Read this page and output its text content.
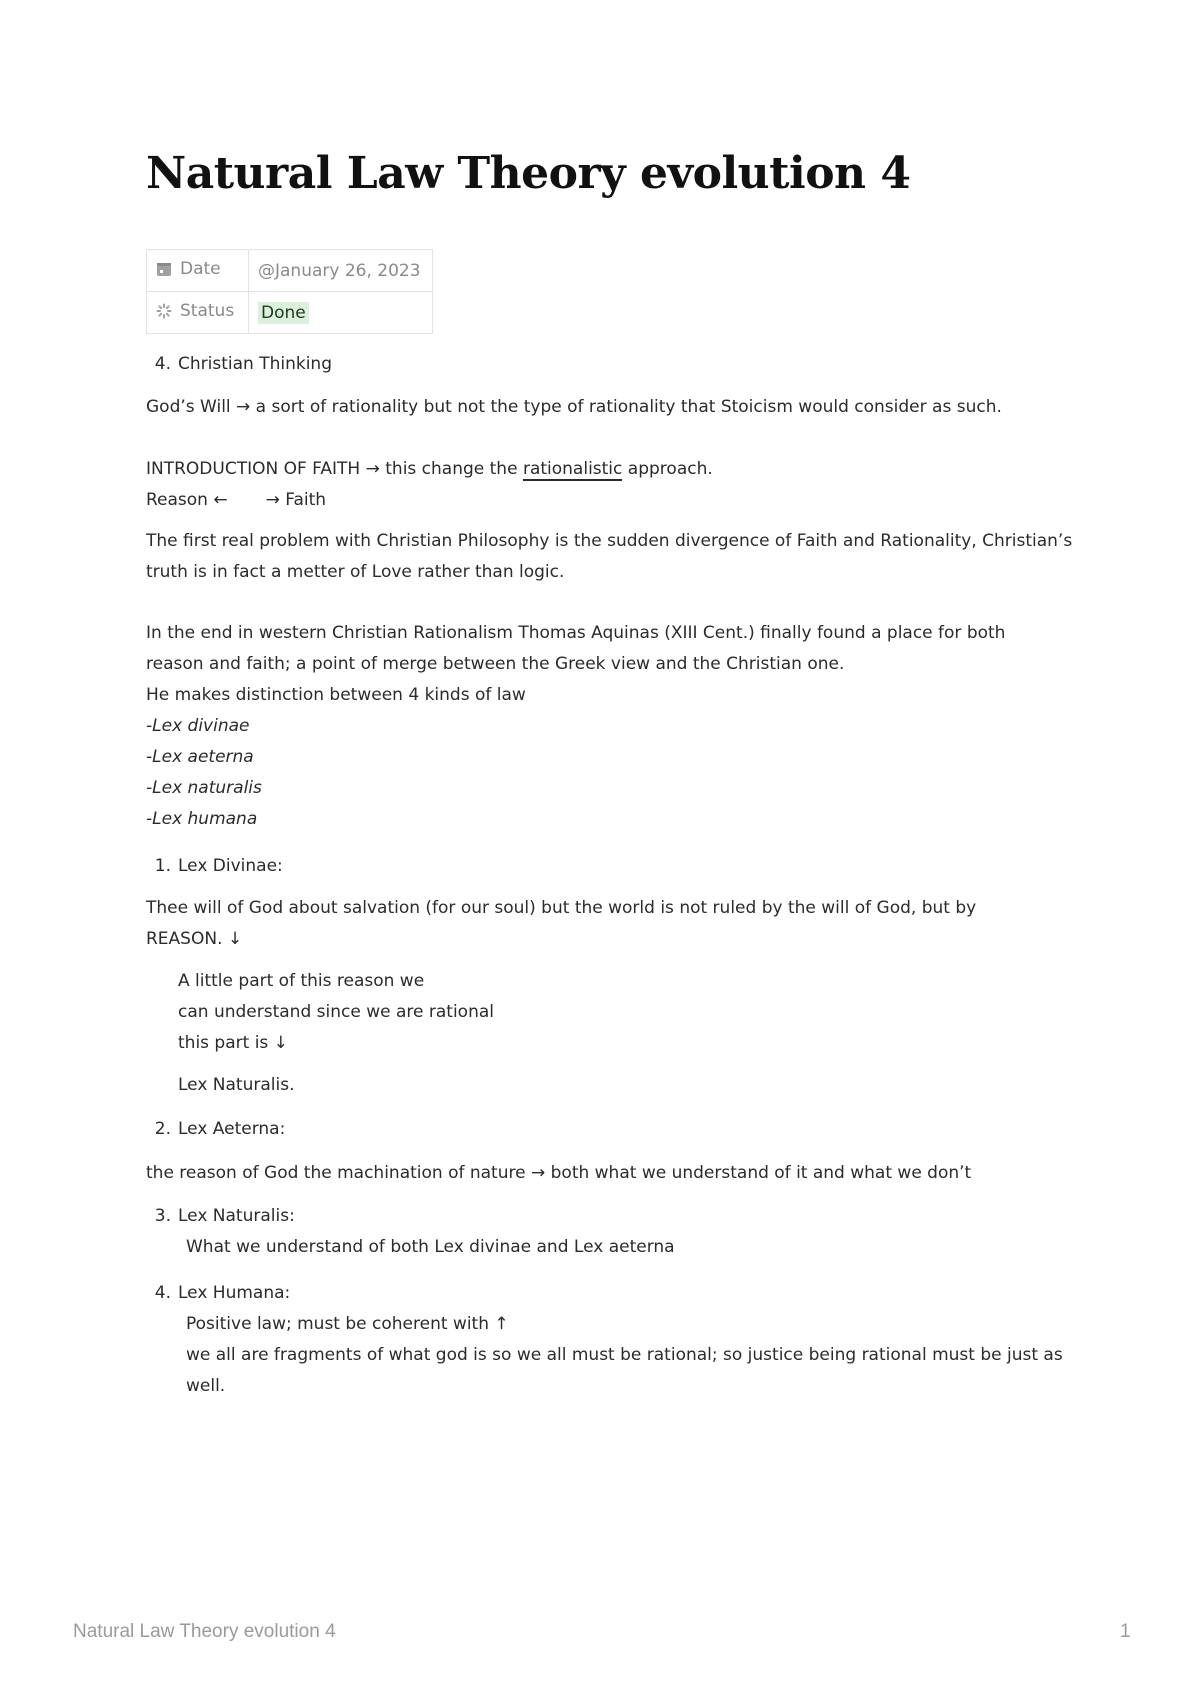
Natural Law Theory evolution 4
Date	@January 26, 2023
Status	Done
4. Christian Thinking
God’s Will → a sort of rationality but not the type of rationality that Stoicism would consider as such.
INTRODUCTION OF FAITH → this change the rationalistic approach.
Reason ← → Faith
The first real problem with Christian Philosophy is the sudden divergence of Faith and Rationality, Christian’s
truth is in fact a metter of Love rather than logic.
In the end in western Christian Rationalism Thomas Aquinas (XIII Cent.) finally found a place for both
reason and faith; a point of merge between the Greek view and the Christian one.
He makes distinction between 4 kinds of law
-Lex divinae
-Lex aeterna
-Lex naturalis
-Lex humana
1. Lex Divinae:
Thee will of God about salvation (for our soul) but the world is not ruled by the will of God, but by
REASON. ↓
A little part of this reason we
can understand since we are rational
this part is ↓
Lex Naturalis.
2. Lex Aeterna:
the reason of God the machination of nature → both what we understand of it and what we don’t
3. Lex Naturalis:
What we understand of both Lex divinae and Lex aeterna
4. Lex Humana:
Positive law; must be coherent with ↑
we all are fragments of what god is so we all must be rational; so justice being rational must be just as
well.
Natural Law Theory evolution 4	1
